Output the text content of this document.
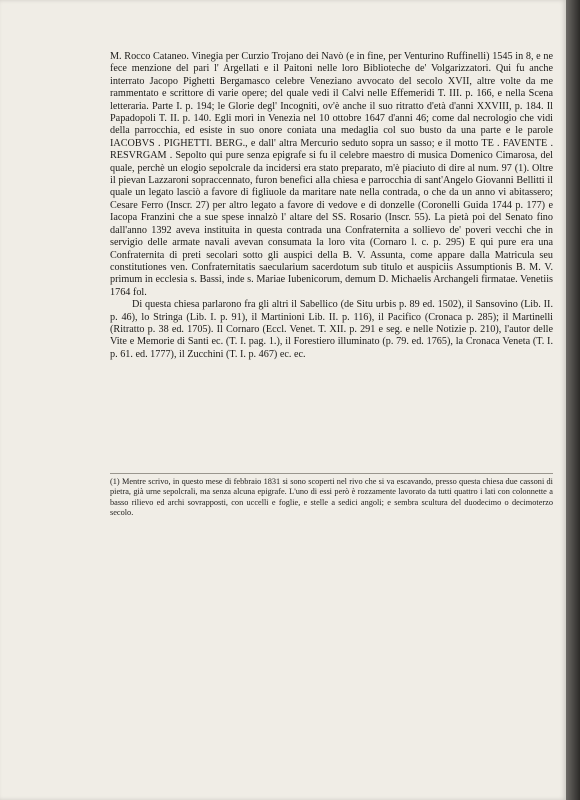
M. Rocco Cataneo. Vinegia per Curzio Trojano dei Navò (e in fine, per Venturino Ruffinelli) 1545 in 8, e ne fece menzione del pari l' Argellati e il Paitoni nelle loro Biblioteche de' Volgarizzatori. Qui fu anche interrato Jacopo Pighetti Bergamasco celebre Veneziano avvocato del secolo XVII, altre volte da me rammentato e scrittore di varie opere; del quale vedi il Calvi nelle Effemeridi T. III. p. 166, e nella Scena letteraria. Parte I. p. 194; le Glorie degl' Incogniti, ov'è anche il suo ritratto d'età d'anni XXVIII, p. 184. Il Papadopoli T. II. p. 140. Egli morì in Venezia nel 10 ottobre 1647 d'anni 46; come dal necrologio che vidi della parrocchia, ed esiste in suo onore coniata una medaglia col suo busto da una parte e le parole IACOBVS . PIGHETTI. BERG., e dall' altra Mercurio seduto sopra un sasso; e il motto TE . FAVENTE . RESVRGAM . Sepolto qui pure senza epigrafe si fu il celebre maestro di musica Domenico Cimarosa, del quale, perchè un elogio sepolcrale da incidersi era stato preparato, m'è piaciuto di dire al num. 97 (1). Oltre il pievan Lazzaroni sopraccennato, furon benefici alla chiesa e parrocchia di sant'Angelo Giovanni Bellitti il quale un legato lasciò a favore di figliuole da maritare nate nella contrada, o che da un anno vi abitassero; Cesare Ferro (Inscr. 27) per altro legato a favore di vedove e di donzelle (Coronelli Guida 1744 p. 177) e Iacopa Franzini che a sue spese innalzò l' altare del SS. Rosario (Inscr. 55). La pietà poi del Senato fino dall'anno 1392 aveva instituita in questa contrada una Confraternita a sollievo de' poveri vecchi che in servigio delle armate navali avevan consumata la loro vita (Cornaro l. c. p. 295) E qui pure era una Confraternita di preti secolari sotto gli auspici della B. V. Assunta, come appare dalla Matricula seu constitutiones ven. Confraternitatis saecularium sacerdotum sub titulo et auspiciis Assumptionis B. M. V. primum in ecclesia s. Bassi, inde s. Mariae Iubenicorum, demum D. Michaelis Archangeli firmatae. Venetiis 1764 fol.

Di questa chiesa parlarono fra gli altri il Sabellico (de Situ urbis p. 89 ed. 1502), il Sansovino (Lib. II. p. 46), lo Stringa (Lib. I. p. 91), il Martinioni Lib. II. p. 116), il Pacifico (Cronaca p. 285); il Martinelli (Ritratto p. 38 ed. 1705). Il Cornaro (Eccl. Venet. T. XII. p. 291 e seg. e nelle Notizie p. 210), l'autor delle Vite e Memorie di Santi ec. (T. I. pag. 1.), il Forestiero illuminato (p. 79. ed. 1765), la Cronaca Veneta (T. I. p. 61. ed. 1777), il Zucchini (T. I. p. 467) ec. ec.

(1) Mentre scrivo, in questo mese di febbraio 1831 si sono scoperti nel rivo che si va escavando, presso questa chiesa due cassoni di pietra, già urne sepolcrali, ma senza alcuna epigrafe. L'uno di essi però è rozzamente lavorato da tutti quattro i lati con colonnette a basso rilievo ed archi sovrapposti, con uccelli e foglie, e stelle a sedici angoli; e sembra scultura del duodecimo o decimoterzo secolo.
